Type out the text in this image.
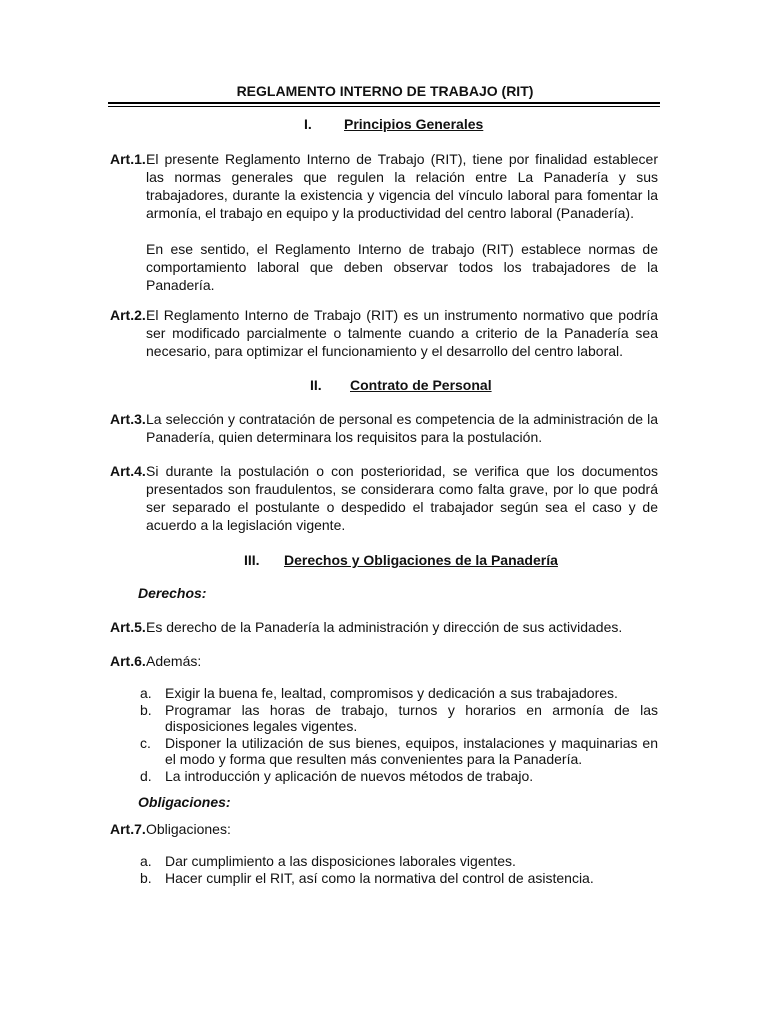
REGLAMENTO INTERNO DE TRABAJO (RIT)
I. Principios Generales
Art.1. El presente Reglamento Interno de Trabajo (RIT), tiene por finalidad establecer las normas generales que regulen la relación entre La Panadería y sus trabajadores, durante la existencia y vigencia del vínculo laboral para fomentar la armonía, el trabajo en equipo y la productividad del centro laboral (Panadería).

En ese sentido, el Reglamento Interno de trabajo (RIT) establece normas de comportamiento laboral que deben observar todos los trabajadores de la Panadería.

Art.2. El Reglamento Interno de Trabajo (RIT) es un instrumento normativo que podría ser modificado parcialmente o talmente cuando a criterio de la Panadería sea necesario, para optimizar el funcionamiento y el desarrollo del centro laboral.

II. Contrato de Personal
Art.3. La selección y contratación de personal es competencia de la administración de la Panadería, quien determinara los requisitos para la postulación.

Art.4. Si durante la postulación o con posterioridad, se verifica que los documentos presentados son fraudulentos, se considerara como falta grave, por lo que podrá ser separado el postulante o despedido el trabajador según sea el caso y de acuerdo a la legislación vigente.

III. Derechos y Obligaciones de la Panadería
Derechos:
Art.5. Es derecho de la Panadería la administración y dirección de sus actividades.

Art.6. Además:

a. Exigir la buena fe, lealtad, compromisos y dedicación a sus trabajadores.
b. Programar las horas de trabajo, turnos y horarios en armonía de las disposiciones legales vigentes.
c. Disponer la utilización de sus bienes, equipos, instalaciones y maquinarias en el modo y forma que resulten más convenientes para la Panadería.
d. La introducción y aplicación de nuevos métodos de trabajo.
Obligaciones:
Art.7. Obligaciones:

a. Dar cumplimiento a las disposiciones laborales vigentes.
b. Hacer cumplir el RIT, así como la normativa del control de asistencia.
